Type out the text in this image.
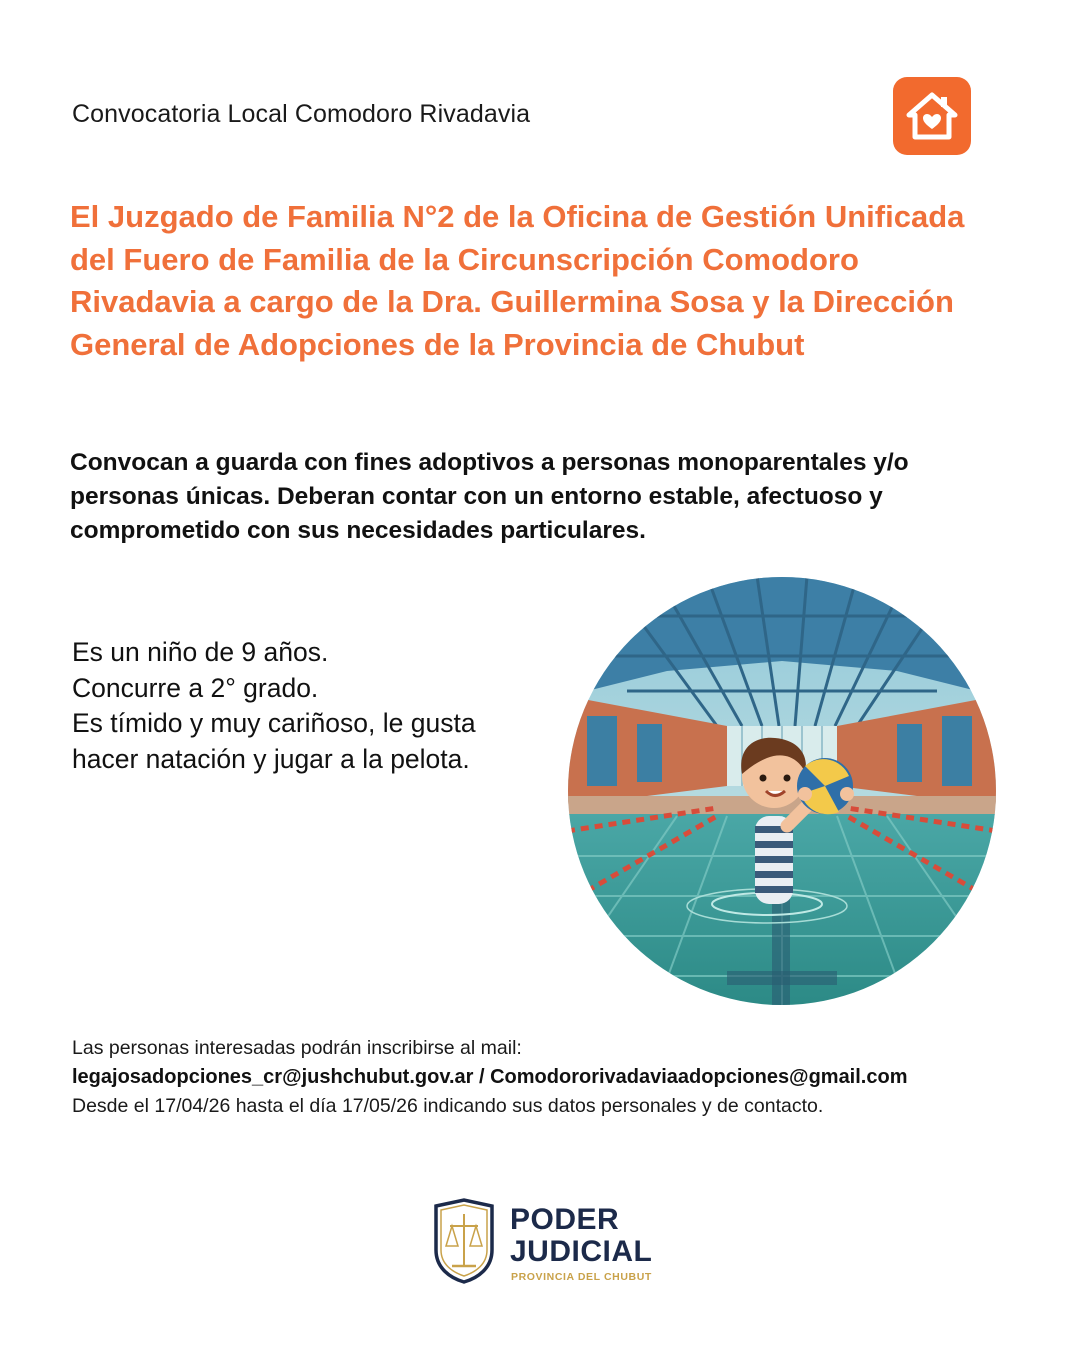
Convocatoria Local Comodoro Rivadavia
El Juzgado de Familia N°2 de la Oficina de Gestión Unificada del Fuero de Familia de la Circunscripción Comodoro Rivadavia a cargo de la Dra. Guillermina Sosa y la Dirección General de Adopciones de la Provincia de Chubut

Convocan a guarda con fines adoptivos a personas monoparentales y/o personas únicas. Deberan contar con un entorno estable, afectuoso y comprometido con sus necesidades particulares.

Es un niño de 9 años.
Concurre a 2° grado.
Es tímido y muy cariñoso, le gusta
hacer natación y jugar a la pelota.
Las personas interesadas podrán inscribirse al mail:
legajosadopciones_cr@jushchubut.gov.ar / Comodororivadaviaadopciones@gmail.com
Desde el 17/04/26 hasta el día 17/05/26 indicando sus datos personales y de contacto.
PODER
JUDICIAL
PROVINCIA DEL CHUBUT
